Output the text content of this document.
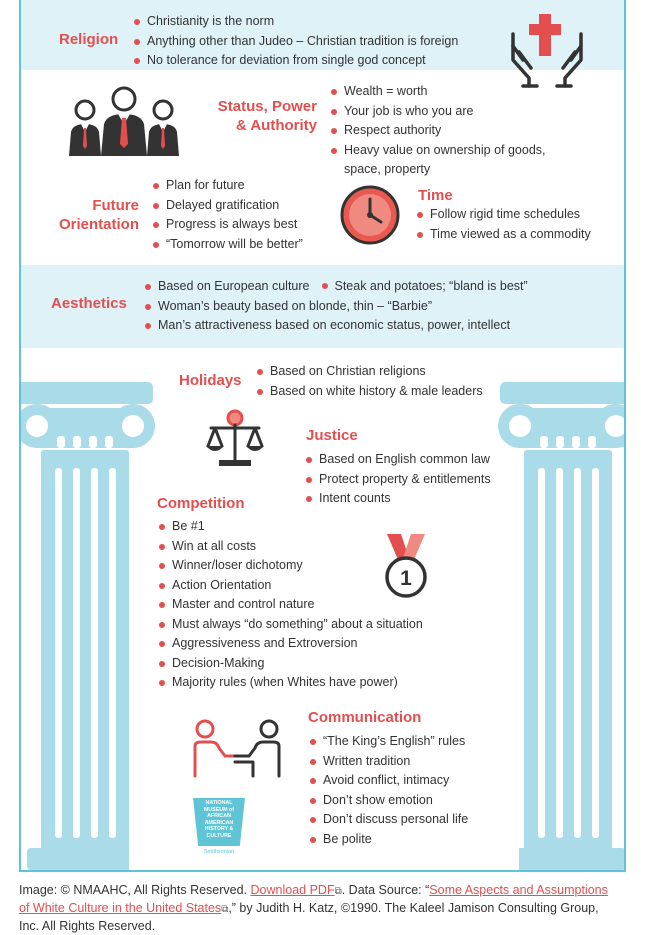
Religion
Christianity is the norm
Anything other than Judeo – Christian tradition is foreign
No tolerance for deviation from single god concept
Status, Power
& Authority
Wealth = worth
Your job is who you are
Respect authority
Heavy value on ownership of goods, space, property
Future
Orientation
Plan for future
Delayed gratification
Progress is always best
“Tomorrow will be better”
Time
Follow rigid time schedules
Time viewed as a commodity
Aesthetics
Based on European culture Steak and potatoes; “bland is best”
Woman’s beauty based on blonde, thin – “Barbie”
Man’s attractiveness based on economic status, power, intellect
Holidays
Based on Christian religions
Based on white history & male leaders
Justice
Based on English common law
Protect property & entitlements
Intent counts
Competition
Be #1
Win at all costs
Winner/loser dichotomy
Action Orientation
Master and control nature
Must always “do something” about a situation
Aggressiveness and Extroversion
Decision-Making
Majority rules (when Whites have power)
1
Communication
“The King’s English” rules
Written tradition
Avoid conflict, intimacy
Don’t show emotion
Don’t discuss personal life
Be polite
NATIONAL
MUSEUM of
AFRICAN
AMERICAN
HISTORY &
CULTURE
Smithsonian
Image: © NMAAHC, All Rights Reserved. Download PDF⧉. Data Source: “Some Aspects and Assumptions of White Culture in the United States⧉,” by Judith H. Katz, ©1990. The Kaleel Jamison Consulting Group, Inc. All Rights Reserved.
